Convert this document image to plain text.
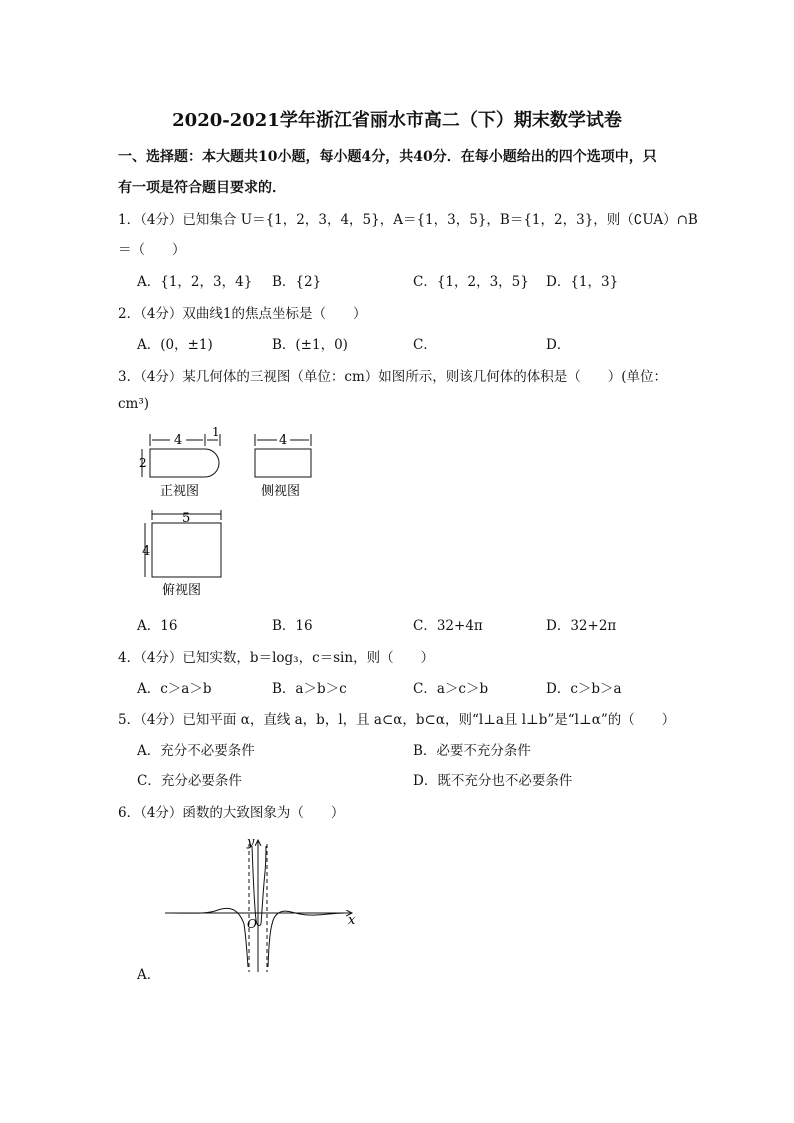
2020-2021学年浙江省丽水市高二（下）期末数学试卷
一、选择题：本大题共10小题，每小题4分，共40分．在每小题给出的四个选项中，只
有一项是符合题目要求的．
1．（4分）已知集合 U＝{1，2，3，4，5}，A＝{1，3，5}，B＝{1，2，3}，则（∁UA）∩B
＝（　　）
A．{1，2，3，4} B．{2}	C．{1，2，3，5} D．{1，3}
2．（4分）双曲线1的焦点坐标是（　　）
A．(0，±1)	B．(±1，0)	C．	D．
3．（4分）某几何体的三视图（单位：cm）如图所示，则该几何体的体积是（　　）(单位：
cm³)
4
1
2
正视图
4
侧视图
5
4
俯视图
A．16	B．16	C．32+4π	D．32+2π
4．（4分）已知实数，b＝log₃，c＝sin，则（　　）
A．c＞a＞b	B．a＞b＞c	C．a＞c＞b	D．c＞b＞a
5．（4分）已知平面 α，直线 a，b，l，且 a⊂α，b⊂α，则“l⊥a且 l⊥b”是“l⊥α”的（　　）
A．充分不必要条件	B．必要不充分条件
C．充分必要条件	D．既不充分也不必要条件
6．（4分）函数的大致图象为（　　）
y
x
O
A．
